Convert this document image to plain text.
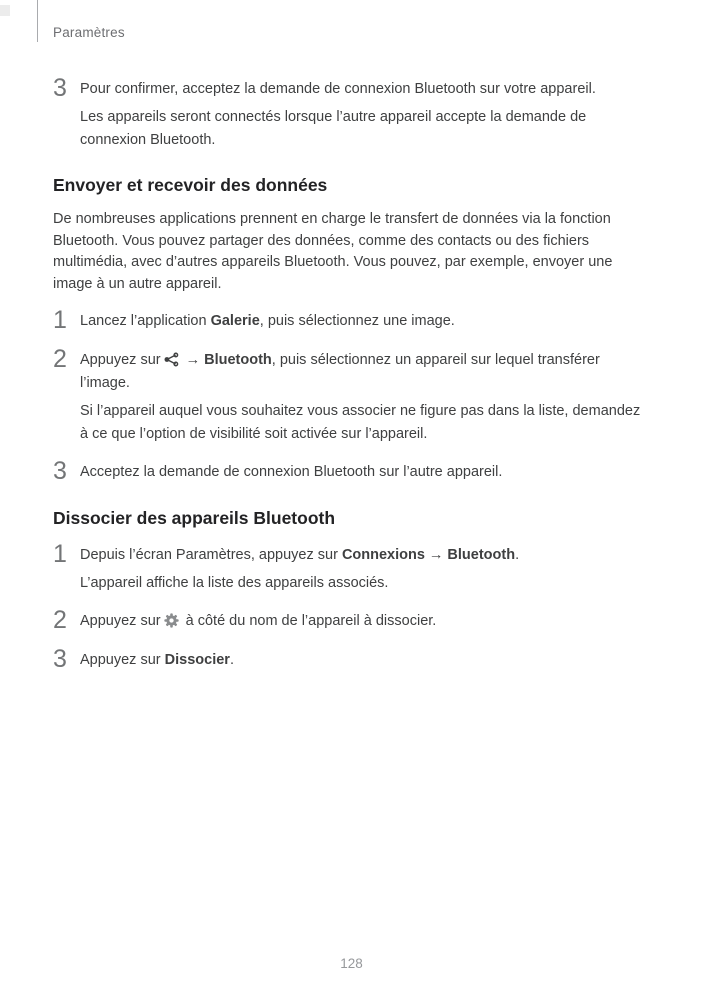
Paramètres
3 Pour confirmer, acceptez la demande de connexion Bluetooth sur votre appareil.

Les appareils seront connectés lorsque l’autre appareil accepte la demande de connexion Bluetooth.

Envoyer et recevoir des données

De nombreuses applications prennent en charge le transfert de données via la fonction Bluetooth. Vous pouvez partager des données, comme des contacts ou des fichiers multimédia, avec d’autres appareils Bluetooth. Vous pouvez, par exemple, envoyer une image à un autre appareil.

1 Lancez l’application Galerie, puis sélectionnez une image.

2 Appuyez sur → Bluetooth, puis sélectionnez un appareil sur lequel transférer l’image.

Si l’appareil auquel vous souhaitez vous associer ne figure pas dans la liste, demandez à ce que l’option de visibilité soit activée sur l’appareil.

3 Acceptez la demande de connexion Bluetooth sur l’autre appareil.

Dissocier des appareils Bluetooth
1 Depuis l’écran Paramètres, appuyez sur Connexions → Bluetooth.

L’appareil affiche la liste des appareils associés.

2 Appuyez sur à côté du nom de l’appareil à dissocier.

3 Appuyez sur Dissocier.

128
